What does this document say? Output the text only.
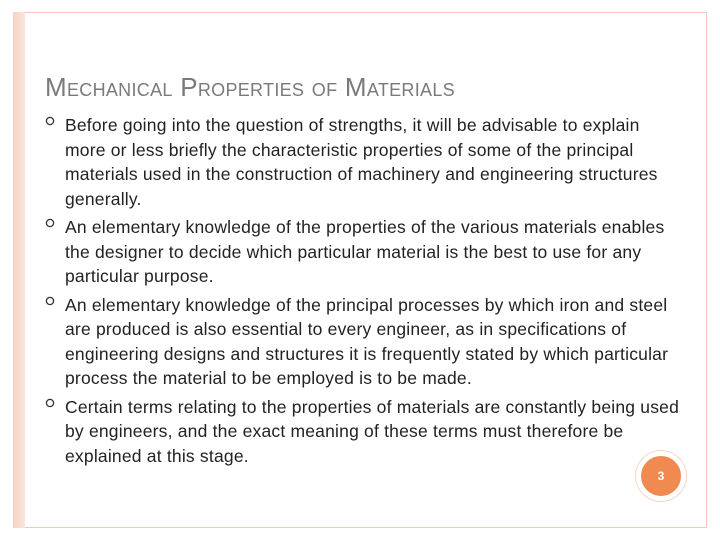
Mechanical Properties of Materials
Before going into the question of strengths, it will be advisable to explain more or less briefly the characteristic properties of some of the principal materials used in the construction of machinery and engineering structures generally.
An elementary knowledge of the properties of the various materials enables the designer to decide which particular material is the best to use for any particular purpose.
An elementary knowledge of the principal processes by which iron and steel are produced is also essential to every engineer, as in specifications of engineering designs and structures it is frequently stated by which particular process the material to be employed is to be made.
Certain terms relating to the properties of materials are constantly being used by engineers, and the exact meaning of these terms must therefore be explained at this stage.
3
